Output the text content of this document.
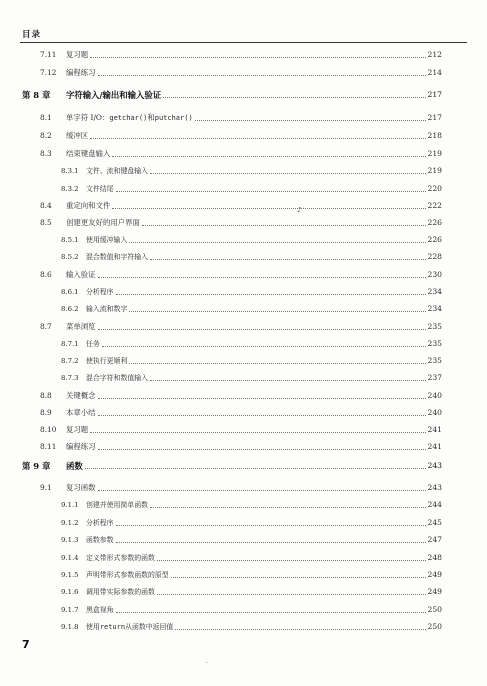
目录
7.11	复习题	212
7.12	编程练习	214
第 8 章	字符输入/输出和输入验证	217
8.1	单字符 I/O： getchar() 和 putchar()	217
8.2	缓冲区	218
8.3	结束键盘输入	219
8.3.1	文件、流和键盘输入	219
8.3.2	文件结尾	220
8.4	重定向和文件	222
8.5	创建更友好的用户界面	226
8.5.1	使用缓冲输入	226
8.5.2	混合数值和字符输入	228
8.6	输入验证	230
8.6.1	分析程序	234
8.6.2	输入流和数字	234
8.7	菜单浏览	235
8.7.1	任务	235
8.7.2	使执行更顺利	235
8.7.3	混合字符和数值输入	237
8.8	关键概念	240
8.9	本章小结	240
8.10	复习题	241
8.11	编程练习	241
第 9 章	函数	243
9.1	复习函数	243
9.1.1	创建并使用简单函数	244
9.1.2	分析程序	245
9.1.3	函数参数	247
9.1.4	定义带形式参数的函数	248
9.1.5	声明带形式参数函数的原型	249
9.1.6	调用带实际参数的函数	249
9.1.7	黑盒视角	250
9.1.8	使用 return 从函数中返回值	250
♪
7
·
